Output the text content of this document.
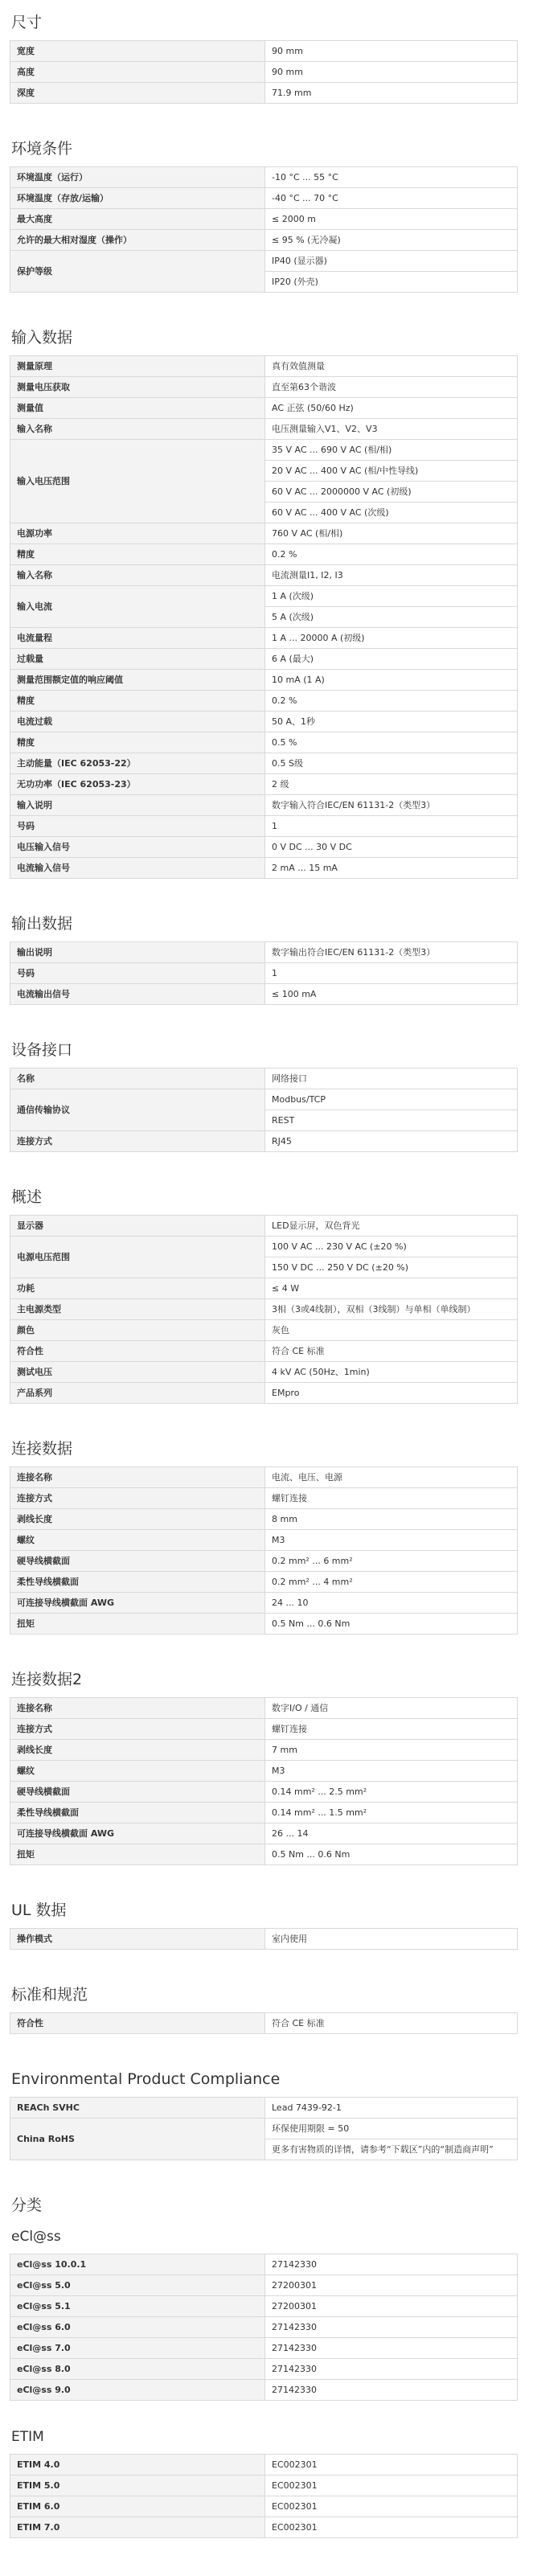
尺寸
宽度	90 mm
高度	90 mm
深度	71.9 mm
环境条件
环境温度（运行）	-10 °C ... 55 °C
环境温度（存放/运输）	-40 °C ... 70 °C
最大高度	≤ 2000 m
允许的最大相对湿度（操作）	≤ 95 % (无冷凝)
保护等级	IP40 (显示器)
	IP20 (外壳)
输入数据
测量原理	真有效值测量
测量电压获取	直至第63个谐波
测量值	AC 正弦 (50/60 Hz)
输入名称	电压测量输入V1、V2、V3
输入电压范围	35 V AC ... 690 V AC (相/相)
	20 V AC ... 400 V AC (相/中性导线)
	60 V AC ... 2000000 V AC (初级)
	60 V AC ... 400 V AC (次级)
电源功率	760 V AC (相/相)
精度	0.2 %
输入名称	电流测量I1, I2, I3
输入电流	1 A (次级)
	5 A (次级)
电流量程	1 A ... 20000 A (初级)
过载量	6 A (最大)
测量范围额定值的响应阈值	10 mA (1 A)
精度	0.2 %
电流过载	50 A、1秒
精度	0.5 %
主动能量（IEC 62053-22）	0.5 S级
无功功率（IEC 62053-23）	2 级
输入说明	数字输入符合IEC/EN 61131-2（类型3）
号码	1
电压输入信号	0 V DC ... 30 V DC
电流输入信号	2 mA ... 15 mA
输出数据
输出说明	数字输出符合IEC/EN 61131-2（类型3）
号码	1
电流输出信号	≤ 100 mA
设备接口
名称	网络接口
通信传输协议	Modbus/TCP
	REST
连接方式	RJ45
概述
显示器	LED显示屏，双色背光
电源电压范围	100 V AC ... 230 V AC (±20 %)
	150 V DC ... 250 V DC (±20 %)
功耗	≤ 4 W
主电源类型	3相（3或4线制），双相（3线制）与单相（单线制）
颜色	灰色
符合性	符合 CE 标准
测试电压	4 kV AC (50Hz、1min)
产品系列	EMpro
连接数据
连接名称	电流、电压、电源
连接方式	螺钉连接
剥线长度	8 mm
螺纹	M3
硬导线横截面	0.2 mm² ... 6 mm²
柔性导线横截面	0.2 mm² ... 4 mm²
可连接导线横截面 AWG	24 ... 10
扭矩	0.5 Nm ... 0.6 Nm
连接数据2
连接名称	数字I/O / 通信
连接方式	螺钉连接
剥线长度	7 mm
螺纹	M3
硬导线横截面	0.14 mm² ... 2.5 mm²
柔性导线横截面	0.14 mm² ... 1.5 mm²
可连接导线横截面 AWG	26 ... 14
扭矩	0.5 Nm ... 0.6 Nm
UL 数据
操作模式	室内使用
标准和规范
符合性	符合 CE 标准
Environmental Product Compliance
REACh SVHC	Lead 7439-92-1
China RoHS	环保使用期限 = 50
	更多有害物质的详情，请参考“下载区”内的“制造商声明”
分类
eCl@ss
eCl@ss 10.0.1	27142330
eCl@ss 5.0	27200301
eCl@ss 5.1	27200301
eCl@ss 6.0	27142330
eCl@ss 7.0	27142330
eCl@ss 8.0	27142330
eCl@ss 9.0	27142330
ETIM
ETIM 4.0	EC002301
ETIM 5.0	EC002301
ETIM 6.0	EC002301
ETIM 7.0	EC002301
